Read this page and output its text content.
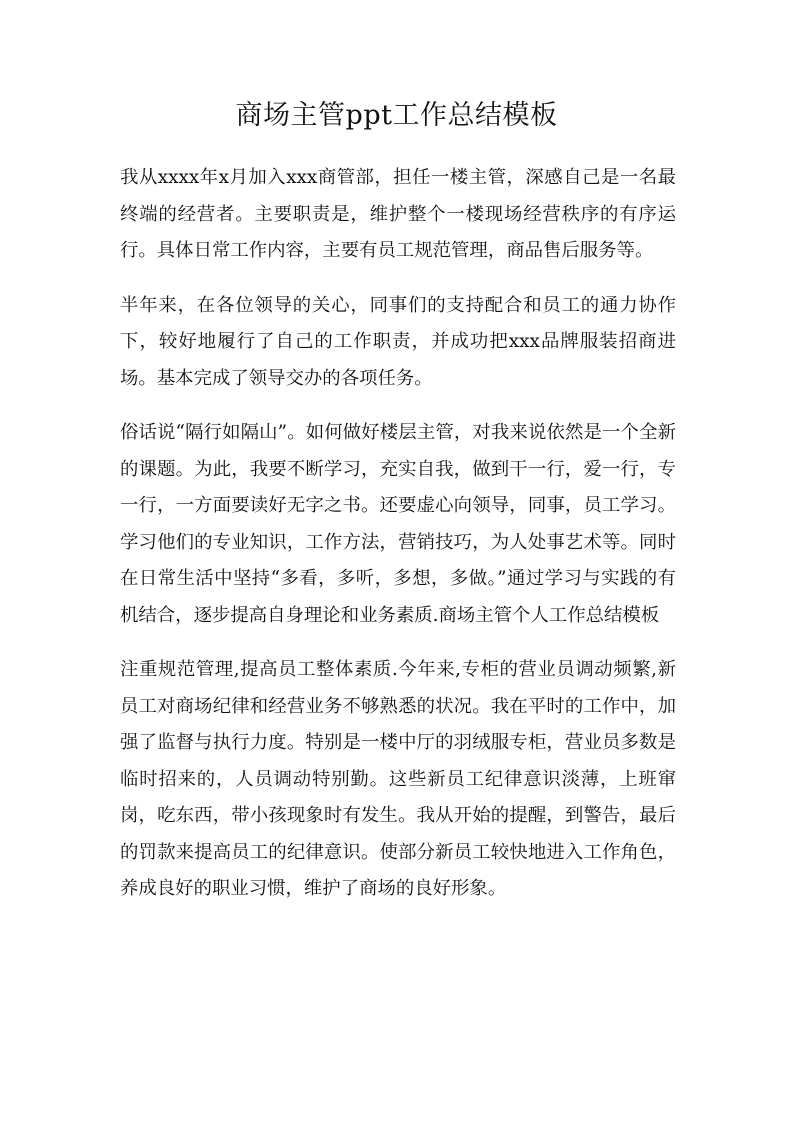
商场主管ppt工作总结模板

我从xxxx年x月加入xxx商管部，担任一楼主管，深感自己是一名最终端的经营者。主要职责是，维护整个一楼现场经营秩序的有序运行。具体日常工作内容，主要有员工规范管理，商品售后服务等。

半年来，在各位领导的关心，同事们的支持配合和员工的通力协作下，较好地履行了自己的工作职责，并成功把xxx品牌服装招商进场。基本完成了领导交办的各项任务。

俗话说“隔行如隔山”。如何做好楼层主管，对我来说依然是一个全新的课题。为此，我要不断学习，充实自我，做到干一行，爱一行，专一行，一方面要读好无字之书。还要虚心向领导，同事，员工学习。学习他们的专业知识，工作方法，营销技巧，为人处事艺术等。同时在日常生活中坚持“多看，多听，多想，多做。”通过学习与实践的有机结合，逐步提高自身理论和业务素质.商场主管个人工作总结模板

注重规范管理,提高员工整体素质.今年来,专柜的营业员调动频繁,新员工对商场纪律和经营业务不够熟悉的状况。我在平时的工作中，加强了监督与执行力度。特别是一楼中厅的羽绒服专柜，营业员多数是临时招来的，人员调动特别勤。这些新员工纪律意识淡薄，上班窜岗，吃东西，带小孩现象时有发生。我从开始的提醒，到警告，最后的罚款来提高员工的纪律意识。使部分新员工较快地进入工作角色，养成良好的职业习惯，维护了商场的良好形象。
